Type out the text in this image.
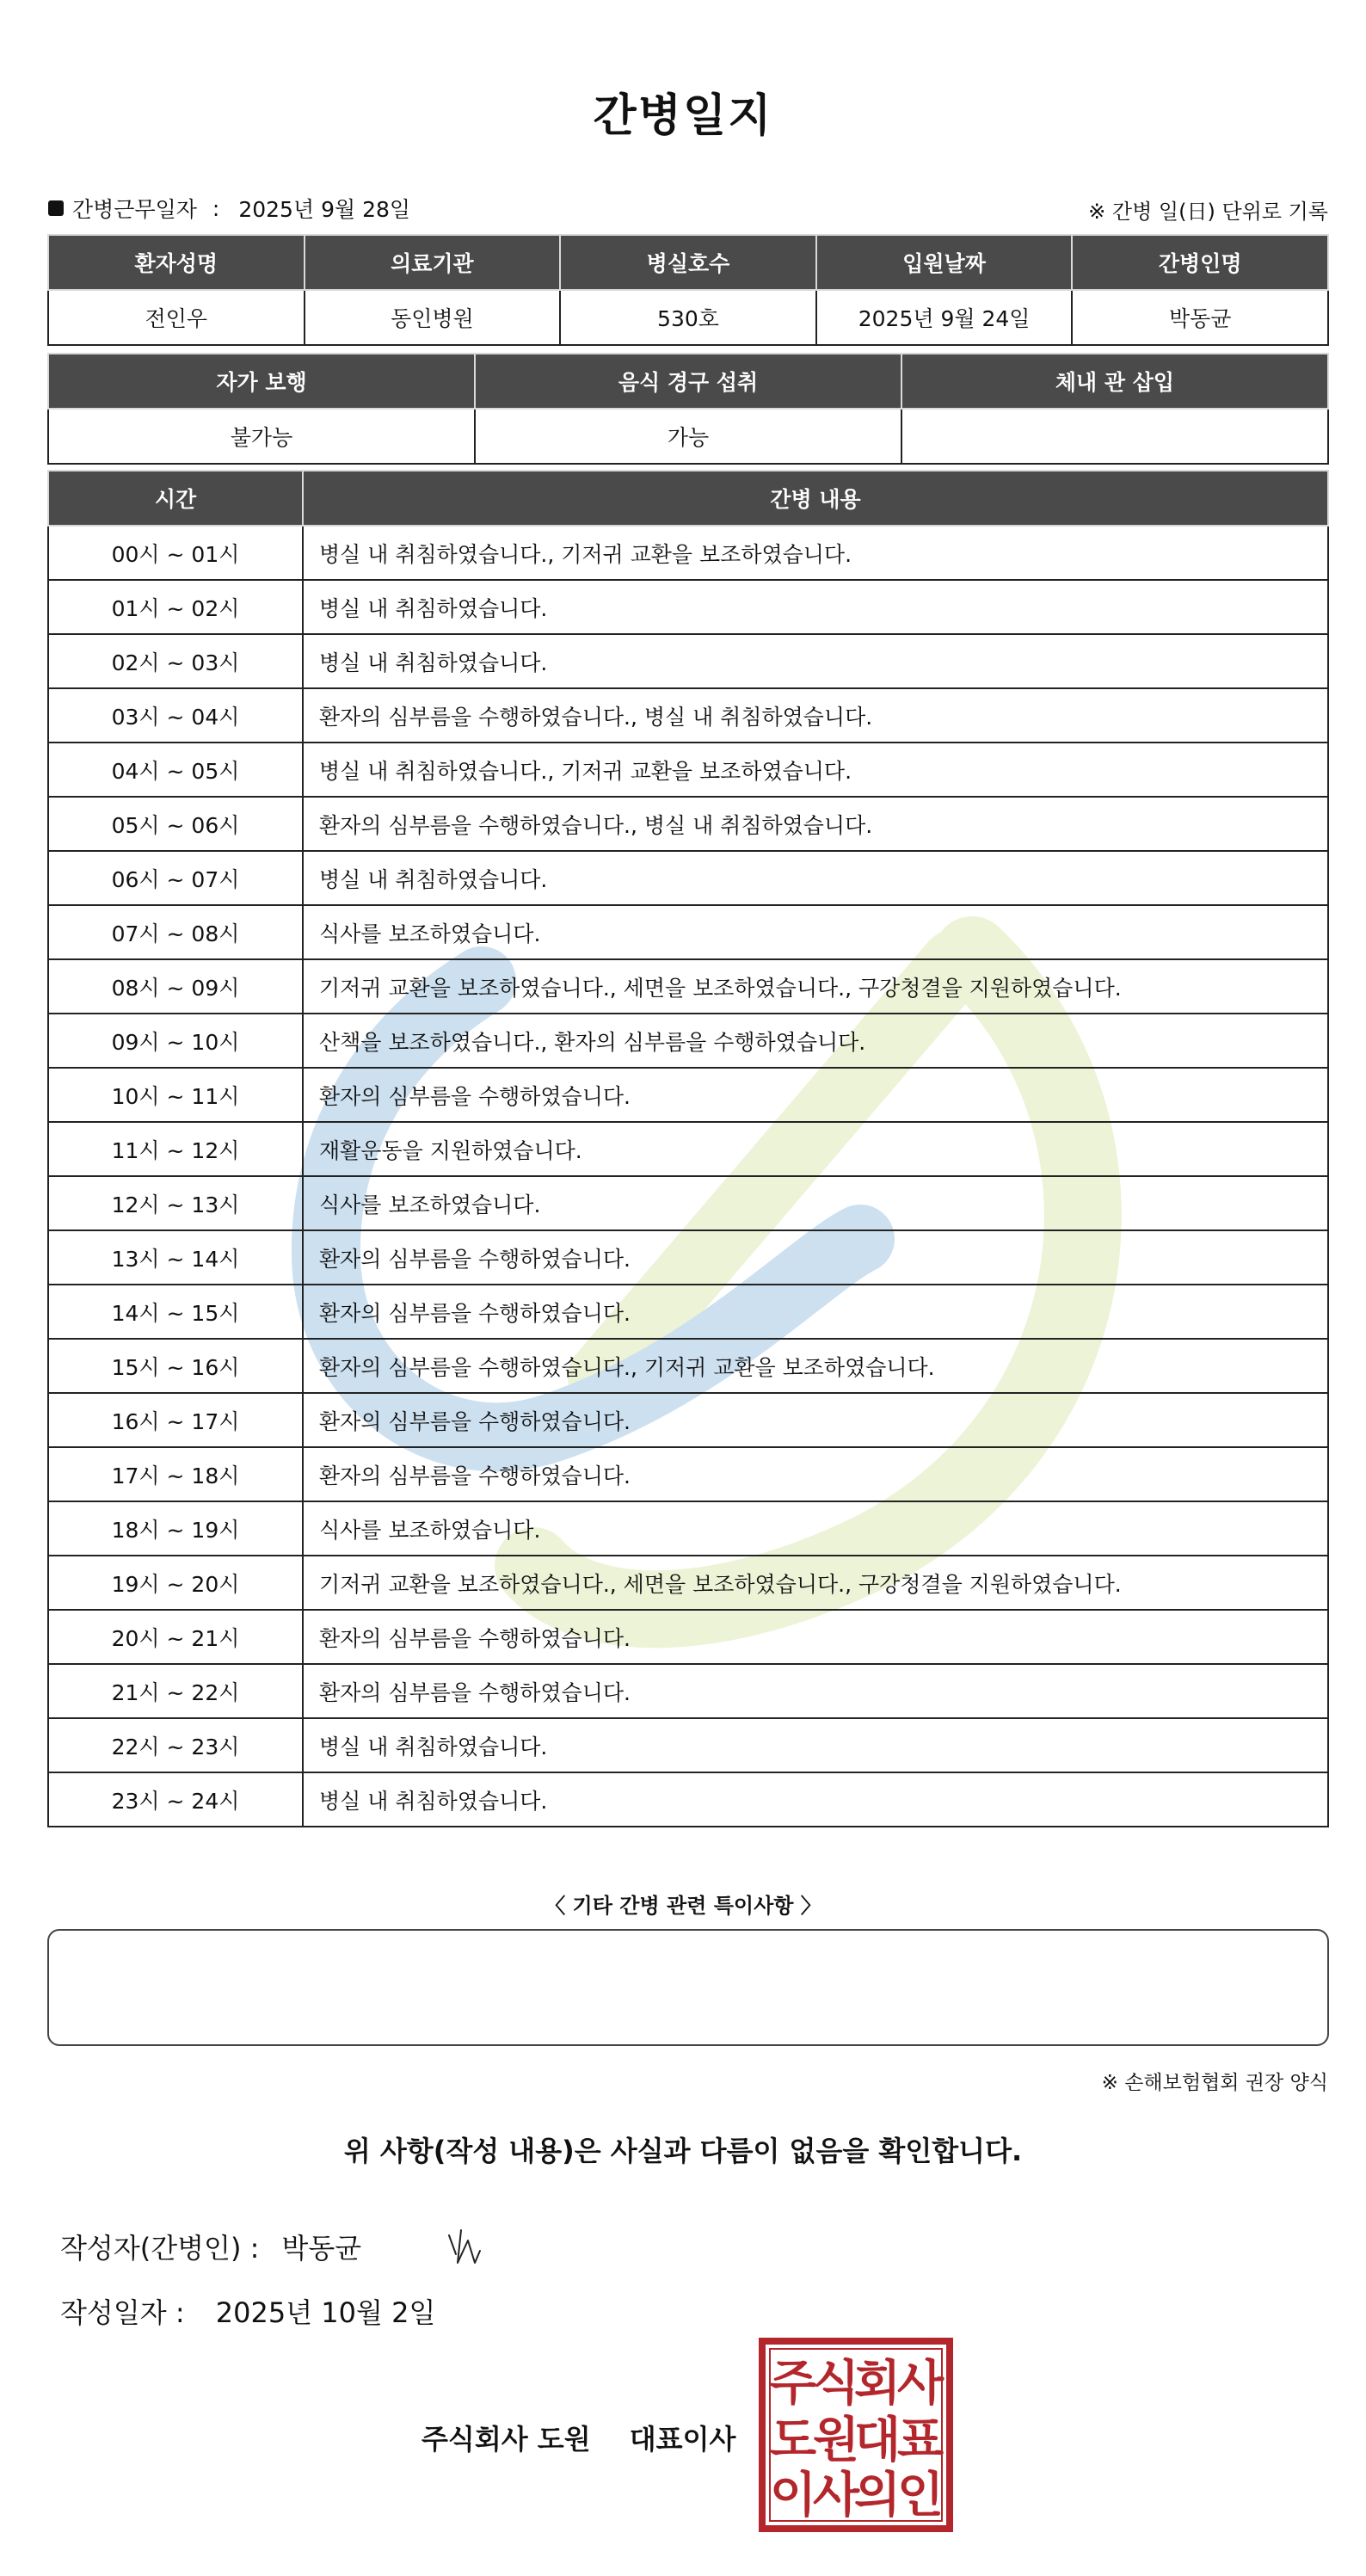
간병일지
간병근무일자 : 2025년 9월 28일	※ 간병 일(日) 단위로 기록
환자성명	의료기관	병실호수	입원날짜	간병인명
전인우	동인병원	530호	2025년 9월 24일	박동균
자가 보행	음식 경구 섭취	체내 관 삽입
불가능	가능	
시간	간병 내용
00시 ~ 01시	병실 내 취침하였습니다., 기저귀 교환을 보조하였습니다.
01시 ~ 02시	병실 내 취침하였습니다.
02시 ~ 03시	병실 내 취침하였습니다.
03시 ~ 04시	환자의 심부름을 수행하였습니다., 병실 내 취침하였습니다.
04시 ~ 05시	병실 내 취침하였습니다., 기저귀 교환을 보조하였습니다.
05시 ~ 06시	환자의 심부름을 수행하였습니다., 병실 내 취침하였습니다.
06시 ~ 07시	병실 내 취침하였습니다.
07시 ~ 08시	식사를 보조하였습니다.
08시 ~ 09시	기저귀 교환을 보조하였습니다., 세면을 보조하였습니다., 구강청결을 지원하였습니다.
09시 ~ 10시	산책을 보조하였습니다., 환자의 심부름을 수행하였습니다.
10시 ~ 11시	환자의 심부름을 수행하였습니다.
11시 ~ 12시	재활운동을 지원하였습니다.
12시 ~ 13시	식사를 보조하였습니다.
13시 ~ 14시	환자의 심부름을 수행하였습니다.
14시 ~ 15시	환자의 심부름을 수행하였습니다.
15시 ~ 16시	환자의 심부름을 수행하였습니다., 기저귀 교환을 보조하였습니다.
16시 ~ 17시	환자의 심부름을 수행하였습니다.
17시 ~ 18시	환자의 심부름을 수행하였습니다.
18시 ~ 19시	식사를 보조하였습니다.
19시 ~ 20시	기저귀 교환을 보조하였습니다., 세면을 보조하였습니다., 구강청결을 지원하였습니다.
20시 ~ 21시	환자의 심부름을 수행하였습니다.
21시 ~ 22시	환자의 심부름을 수행하였습니다.
22시 ~ 23시	병실 내 취침하였습니다.
23시 ~ 24시	병실 내 취침하였습니다.
〈 기타 간병 관련 특이사항 〉
※ 손해보험협회 권장 양식
위 사항(작성 내용)은 사실과 다름이 없음을 확인합니다.
작성자(간병인) : 박동균
작성일자 : 2025년 10월 2일
주식회사 도원 대표이사
주
식
회
사
도
원
대
표
이
사
의
인
